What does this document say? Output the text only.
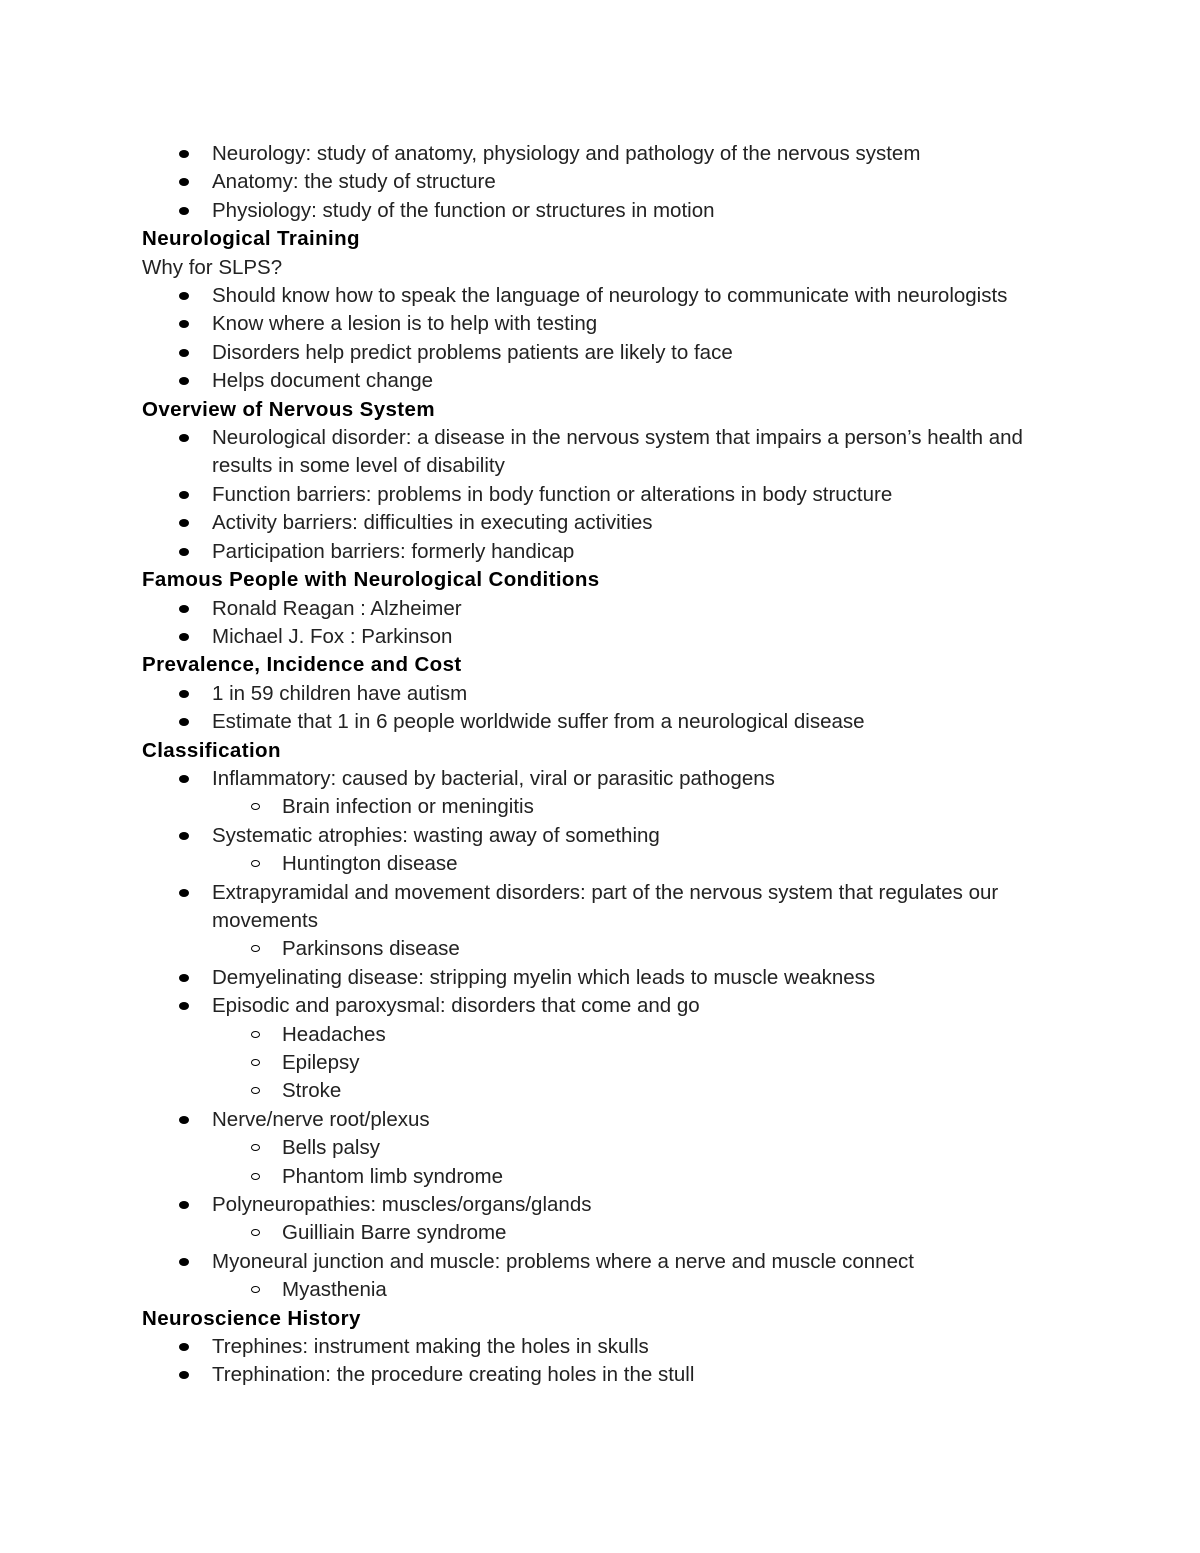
Neurology: study of anatomy, physiology and pathology of the nervous system
Anatomy: the study of structure
Physiology: study of the function or structures in motion
Neurological Training
Why for SLPS?
Should know how to speak the language of neurology to communicate with neurologists
Know where a lesion is to help with testing
Disorders help predict problems patients are likely to face
Helps document change
Overview of Nervous System
Neurological disorder: a disease in the nervous system that impairs a person’s health and results in some level of disability
Function barriers: problems in body function or alterations in body structure
Activity barriers: difficulties in executing activities
Participation barriers: formerly handicap
Famous People with Neurological Conditions
Ronald Reagan : Alzheimer
Michael J. Fox : Parkinson
Prevalence, Incidence and Cost
1 in 59 children have autism
Estimate that 1 in 6 people worldwide suffer from a neurological disease
Classification
Inflammatory: caused by bacterial, viral or parasitic pathogens
Brain infection or meningitis
Systematic atrophies: wasting away of something
Huntington disease
Extrapyramidal and movement disorders: part of the nervous system that regulates our movements
Parkinsons disease
Demyelinating disease: stripping myelin which leads to muscle weakness
Episodic and paroxysmal: disorders that come and go
Headaches
Epilepsy
Stroke
Nerve/nerve root/plexus
Bells palsy
Phantom limb syndrome
Polyneuropathies: muscles/organs/glands
Guilliain Barre syndrome
Myoneural junction and muscle: problems where a nerve and muscle connect
Myasthenia
Neuroscience History
Trephines: instrument making the holes in skulls
Trephination: the procedure creating holes in the stull
